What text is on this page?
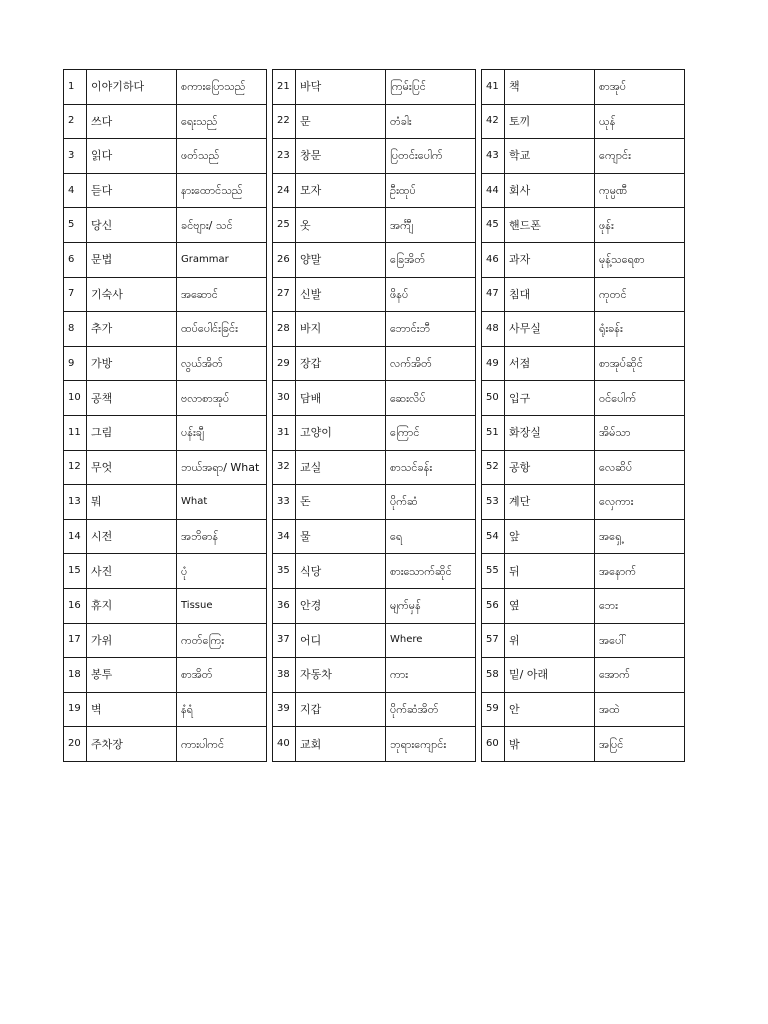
1	이야기하다	စကားပြောသည်
2	쓰다	ရေးသည်
3	읽다	ဖတ်သည်
4	듣다	နားထောင်သည်
5	당신	ခင်ဗျား/ သင်
6	문법	Grammar
7	기숙사	အဆောင်
8	추가	ထပ်ပေါင်းခြင်း
9	가방	လွယ်အိတ်
10	공책	ဗလာစာအုပ်
11	그림	ပန်းချီ
12	무엇	ဘယ်အရာ/ What
13	뭐	What
14	시전	အဘိဓာန်
15	사진	ပုံ
16	휴지	Tissue
17	가위	ကတ်ကြေး
18	봉투	စာအိတ်
19	벽	နံရံ
20	주차장	ကားပါကင်
21	바닥	ကြမ်းပြင်
22	문	တံခါး
23	창문	ပြတင်းပေါက်
24	모자	ဦးထုပ်
25	옷	အင်္ကျီ
26	양말	ခြေအိတ်
27	신발	ဖိနပ်
28	바지	ဘောင်းဘီ
29	장갑	လက်အိတ်
30	담배	ဆေးလိပ်
31	고양이	ကြောင်
32	교실	စာသင်ခန်း
33	돈	ပိုက်ဆံ
34	물	ရေ
35	식당	စားသောက်ဆိုင်
36	안경	မျက်မှန်
37	어디	Where
38	자동차	ကား
39	지갑	ပိုက်ဆံအိတ်
40	교회	ဘုရားကျောင်း
41	책	စာအုပ်
42	토끼	ယုန်
43	학교	ကျောင်း
44	회사	ကုမ္ပဏီ
45	핸드폰	ဖုန်း
46	과자	မုန့်သရေစာ
47	침대	ကုတင်
48	사무실	ရုံးခန်း
49	서점	စာအုပ်ဆိုင်
50	입구	ဝင်ပေါက်
51	화장실	အိမ်သာ
52	공항	လေဆိပ်
53	계단	လှေကား
54	앞	အရှေ့
55	뒤	အနောက်
56	옆	ဘေး
57	위	အပေါ်
58	밑/ 아래	အောက်
59	안	အထဲ
60	밖	အပြင်
